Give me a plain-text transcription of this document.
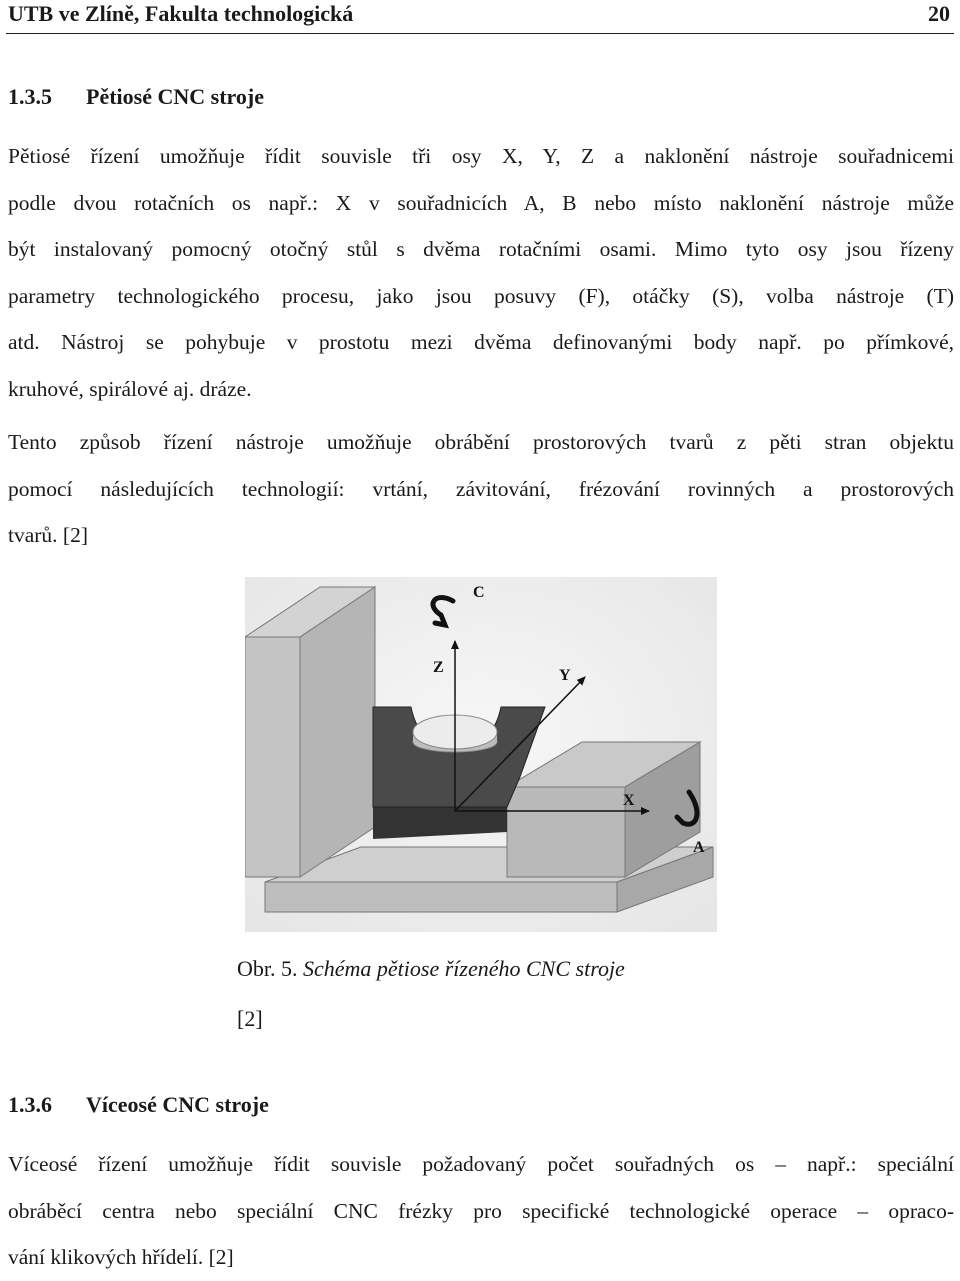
UTB ve Zlíně, Fakulta technologická	20
1.3.5 Pětiosé CNC stroje
Pětiosé řízení umožňuje řídit souvisle tři osy X, Y, Z a naklonění nástroje souřadnicemi
podle dvou rotačních os např.: X v souřadnicích A, B nebo místo naklonění nástroje může
být instalovaný pomocný otočný stůl s dvěma rotačními osami. Mimo tyto osy jsou řízeny
parametry technologického procesu, jako jsou posuvy (F), otáčky (S), volba nástroje (T)
atd. Nástroj se pohybuje v prostotu mezi dvěma definovanými body např. po přímkové,
kruhové, spirálové aj. dráze.
Tento způsob řízení nástroje umožňuje obrábění prostorových tvarů z pěti stran objektu
pomocí následujících technologií: vrtání, závitování, frézování rovinných a prostorových
tvarů. [2]
C
Z	Y
X
A
Obr. 5. Schéma pětiose řízeného CNC stroje
[2]
1.3.6 Víceosé CNC stroje
Víceosé řízení umožňuje řídit souvisle požadovaný počet souřadných os – např.: speciální
obráběcí centra nebo speciální CNC frézky pro specifické technologické operace – opraco-
vání klikových hřídelí. [2]
